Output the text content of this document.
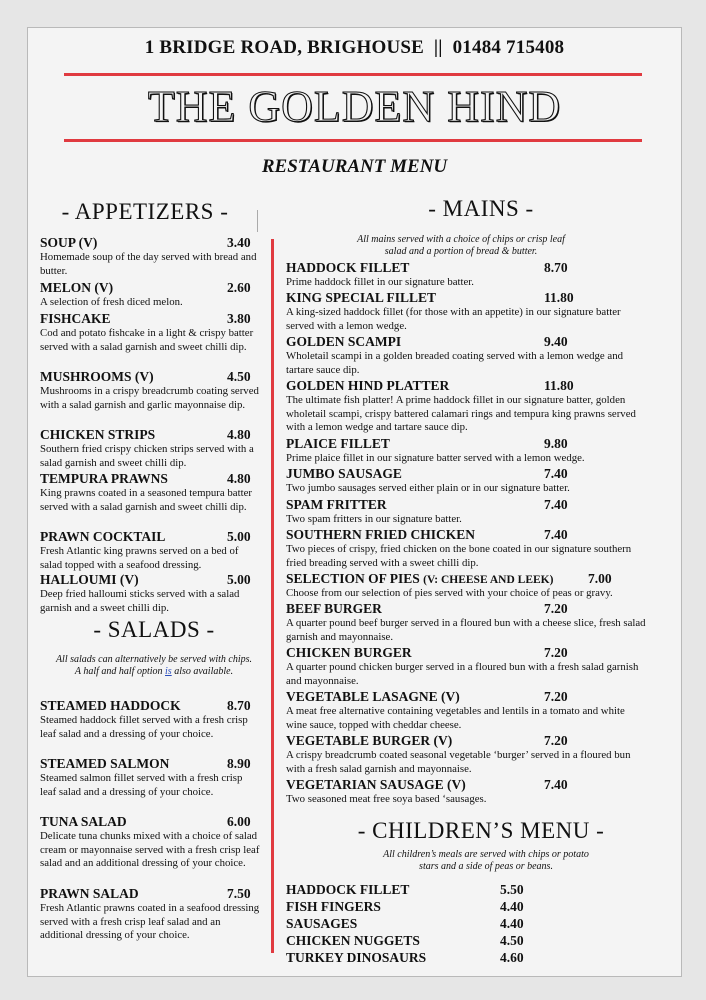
1 BRIDGE ROAD, BRIGHOUSE || 01484 715408
THE GOLDEN HIND
RESTAURANT MENU
- APPETIZERS -
SOUP (V)	3.40
Homemade soup of the day served with bread and butter.
MELON (V)	2.60
A selection of fresh diced melon.
FISHCAKE	3.80
Cod and potato fishcake in a light & crispy batter served with a salad garnish and sweet chilli dip.
MUSHROOMS (V)	4.50
Mushrooms in a crispy breadcrumb coating served with a salad garnish and garlic mayonnaise dip.
CHICKEN STRIPS	4.80
Southern fried crispy chicken strips served with a salad garnish and sweet chilli dip.
TEMPURA PRAWNS	4.80
King prawns coated in a seasoned tempura batter served with a salad garnish and sweet chilli dip.
PRAWN COCKTAIL	5.00
Fresh Atlantic king prawns served on a bed of salad topped with a seafood dressing.
HALLOUMI (V)	5.00
Deep fried halloumi sticks served with a salad garnish and a sweet chilli dip.
- SALADS -
All salads can alternatively be served with chips.
A half and half option is also available.
STEAMED HADDOCK	8.70
Steamed haddock fillet served with a fresh crisp leaf salad and a dressing of your choice.
STEAMED SALMON	8.90
Steamed salmon fillet served with a fresh crisp leaf salad and a dressing of your choice.
TUNA SALAD	6.00
Delicate tuna chunks mixed with a choice of salad cream or mayonnaise served with a fresh crisp leaf salad and an additional dressing of your choice.
PRAWN SALAD	7.50
Fresh Atlantic prawns coated in a seafood dressing served with a fresh crisp leaf salad and an additional dressing of your choice.
- MAINS -
All mains served with a choice of chips or crisp leaf salad and a portion of bread & butter.
HADDOCK FILLET	8.70
Prime haddock fillet in our signature batter.
KING SPECIAL FILLET	11.80
A king-sized haddock fillet (for those with an appetite) in our signature batter served with a lemon wedge.
GOLDEN SCAMPI	9.40
Wholetail scampi in a golden breaded coating served with a lemon wedge and tartare sauce dip.
GOLDEN HIND PLATTER	11.80
The ultimate fish platter! A prime haddock fillet in our signature batter, golden wholetail scampi, crispy battered calamari rings and tempura king prawns served with a lemon wedge and tartare sauce dip.
PLAICE FILLET	9.80
Prime plaice fillet in our signature batter served with a lemon wedge.
JUMBO SAUSAGE	7.40
Two jumbo sausages served either plain or in our signature batter.
SPAM FRITTER	7.40
Two spam fritters in our signature batter.
SOUTHERN FRIED CHICKEN	7.40
Two pieces of crispy, fried chicken on the bone coated in our signature southern fried breading served with a sweet chilli dip.
SELECTION OF PIES (V: CHEESE AND LEEK)	7.00
Choose from our selection of pies served with your choice of peas or gravy.
BEEF BURGER	7.20
A quarter pound beef burger served in a floured bun with a cheese slice, fresh salad garnish and mayonnaise.
CHICKEN BURGER	7.20
A quarter pound chicken burger served in a floured bun with a fresh salad garnish and mayonnaise.
VEGETABLE LASAGNE (V)	7.20
A meat free alternative containing vegetables and lentils in a tomato and white wine sauce, topped with cheddar cheese.
VEGETABLE BURGER (V)	7.20
A crispy breadcrumb coated seasonal vegetable ‘burger’ served in a floured bun with a fresh salad garnish and mayonnaise.
VEGETARIAN SAUSAGE (V)	7.40
Two seasoned meat free soya based ‘sausages.
- CHILDREN’S MENU -
All children’s meals are served with chips or potato stars and a side of peas or beans.
HADDOCK FILLET	5.50
FISH FINGERS	4.40
SAUSAGES	4.40
CHICKEN NUGGETS	4.50
TURKEY DINOSAURS	4.60
